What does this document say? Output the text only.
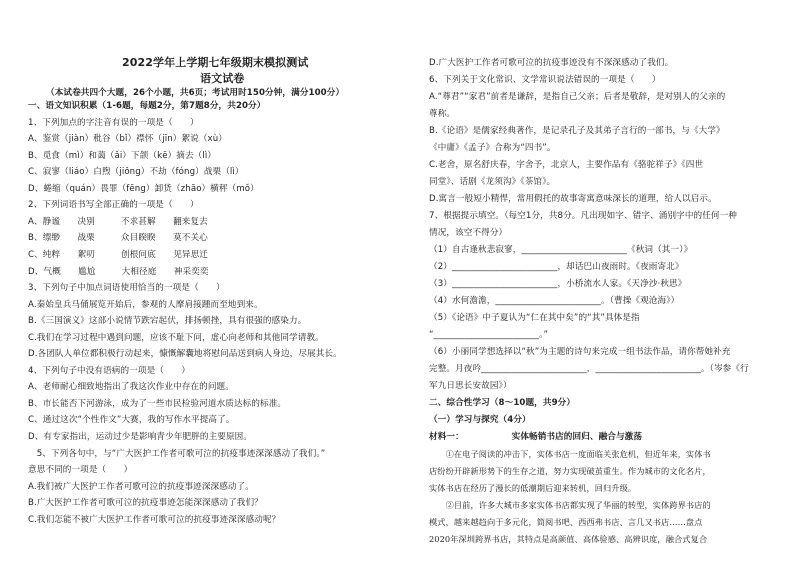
2022学年上学期七年级期末模拟测试
语文试卷
（本试卷共四个大题，26个小题，共6页；考试用时150分钟，满分100分）
一、语文知识积累（1-6题，每题2分，第7题8分，共20分）
1、下列加点的字注音有误的一项是（　　）
A、鉴赏（jiàn）秕谷（bǐ）襟怀（jīn）絮说（xù）
B、觅食（mì）和蔼（ǎi）下颌（kē）摘去（lì）
C、寂寥（liáo）白煦（jiǒng）不劫（fóng）战栗（lì）
D、蜷缩（quán）畏罪（fēng）卸货（zhāo）横秤（mǒ）
2、下列词语书写全部正确的一项是（　　）
A、静谧　　决别　　　不求甚解　　翻来复去
B、缥缈　　战栗　　　众目睽睽　　莫不关心
C、纯粹　　絮叨　　　创根问底　　见异思迁
D、气概　　尴尬　　　大相径庭　　神采奕奕
3、下列句子中加点词语使用恰当的一项是（　　）
A.秦始皇兵马俑展览开始后，参观的人摩肩接踵而至地到来。
B.《三国演义》这部小说情节跌宕起伏，排扬顿挫，具有很强的感染力。
C.我们在学习过程中遇到问题，应该不耻下问，虚心向老师和其他同学请教。
D.各团队人单位都积极行动起来，慷慨解囊地将慰问品送到病人身边，尽展其长。
4、下列句子中没有语病的一项是（　　）
A、老师耐心细致地指出了我这次作业中存在的问题。
B、市长能否下河游泳，成为了一些市民检验河道水质达标的标准。
C、通过这次“个性作文”大赛，我的写作水平提高了。
D、有专家指出，运动过少是影响青少年肥胖的主要原因。
　5、下列各句中，与“广大医护工作者可歌可泣的抗疫事迹深深感动了我们。”
意思不同的一项是（　　）
A.我们被广大医护工作者可歌可泣的抗疫事迹深深感动了。
B.广大医护工作者可歌可泣的抗疫事迹怎能深深感动了我们？
C.我们怎能不被广大医护工作者可歌可泣的抗疫事迹深深感动呢？
D.广大医护工作者可歌可泣的抗疫事迹没有不深深感动了我们。
6、下列关于文化常识、文学常识说法错误的一项是（　　）
A.“尊君”“家君”前者是谦辞，是指自己父亲；后者是敬辞，是对别人的父亲的
尊称。
B.《论语》是儒家经典著作，是记录孔子及其弟子言行的一部书，与《大学》
《中庸》《孟子》合称为“四书”。
C.老舍，原名舒庆春，字舍予，北京人，主要作品有《骆驼祥子》《四世
同堂》、话剧《龙须沟》《茶馆》。
D.寓言一般短小精悍，常用假托的故事寄寓意味深长的道理，给人以启示。
7、根据提示填空。（每空1分，共8分。凡出现如字、错字、涌别字中的任何一种
情况，该空不得分）
（1）自古逢秋悲寂寥，________________________《秋词（其一）》
（2）________________________，却话巴山夜雨时。《夜雨寄北》
（3）________________________，小桥流水人家。《天净沙·秋思》
（4）水何澹澹，________________________。（曹操《观沧海》）
（5）《论语》中子夏认为“仁在其中矣”的“其”具体是指
“________________________。”
（6）小丽同学想选择以“秋”为主题的诗句来完成一组书法作品，请你帮她补充
完整。月夜吟________________________，________________________。（岑参《行
军九日思长安故园》）
二、综合性学习（8～10题，共9分）
（一）学习与探究（4分）
材料一：　　　　　　实体畅销书店的回归、融合与激荡
　　①在电子阅读的冲击下，实体书店一度面临关张危机，但近年来，实体书
店纷纷开辟新形势下的生存之道，努力实现破茧重生。作为城市的文化名片，
实体书店在经历了漫长的低潮期后迎来转机，回归升级。
　　②目前，许多大城市多家实体书店都实现了华丽的转型，实体跨界书店的
模式，越来越趋向于多元化，简阅书吧、西西弗书店、言几又书店……盘点
2020年深圳跨界书店，其特点是高颜值、高体验感、高辨识度，融合式复合
